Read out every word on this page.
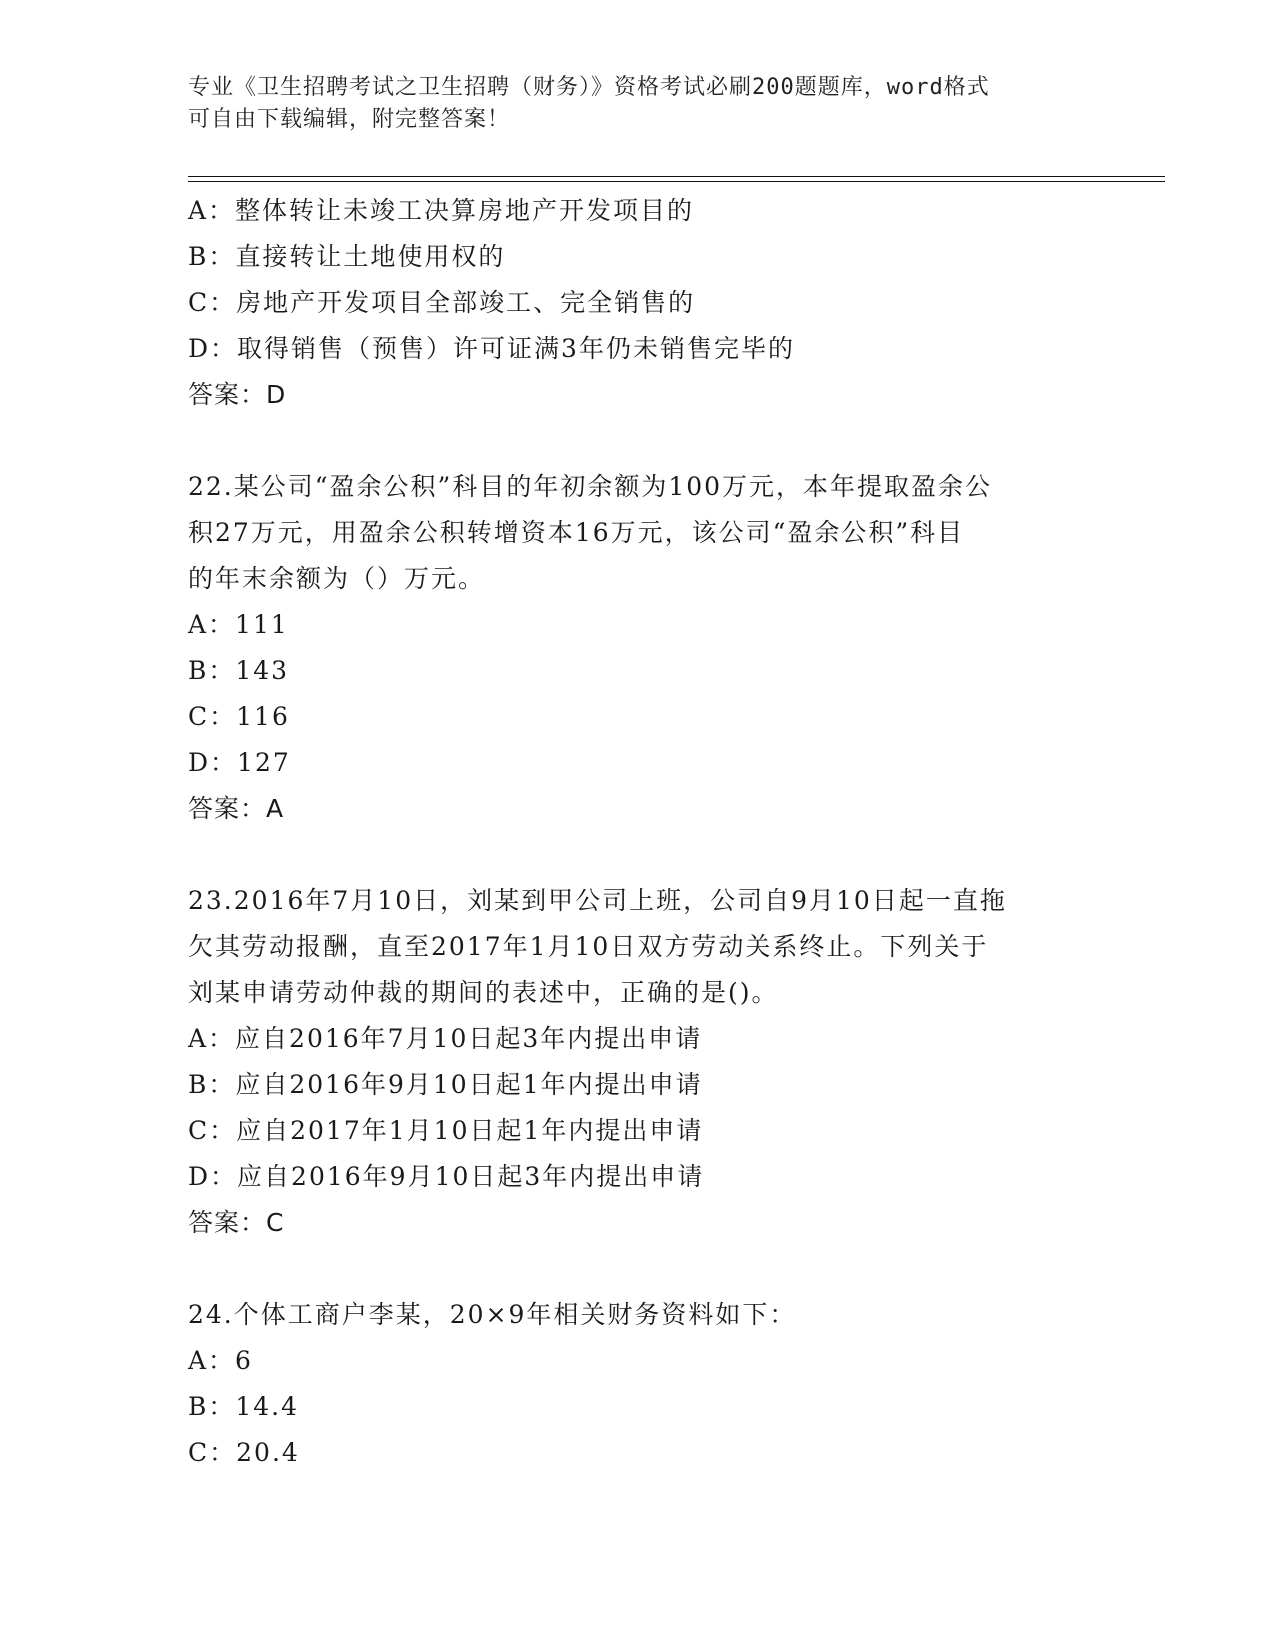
专业《卫生招聘考试之卫生招聘（财务）》资格考试必刷200题题库，word格式
可自由下载编辑，附完整答案！
A：整体转让未竣工决算房地产开发项目的
B：直接转让土地使用权的
C：房地产开发项目全部竣工、完全销售的
D：取得销售（预售）许可证满3年仍未销售完毕的
答案：D
22.某公司“盈余公积”科目的年初余额为100万元，本年提取盈余公
积27万元，用盈余公积转增资本16万元，该公司“盈余公积”科目
的年末余额为（）万元。
A：111
B：143
C：116
D：127
答案：A
23.2016年7月10日，刘某到甲公司上班，公司自9月10日起一直拖
欠其劳动报酬，直至2017年1月10日双方劳动关系终止。下列关于
刘某申请劳动仲裁的期间的表述中，正确的是()。
A：应自2016年7月10日起3年内提出申请
B：应自2016年9月10日起1年内提出申请
C：应自2017年1月10日起1年内提出申请
D：应自2016年9月10日起3年内提出申请
答案：C
24.个体工商户李某，20×9年相关财务资料如下：
A：6
B：14.4
C：20.4
